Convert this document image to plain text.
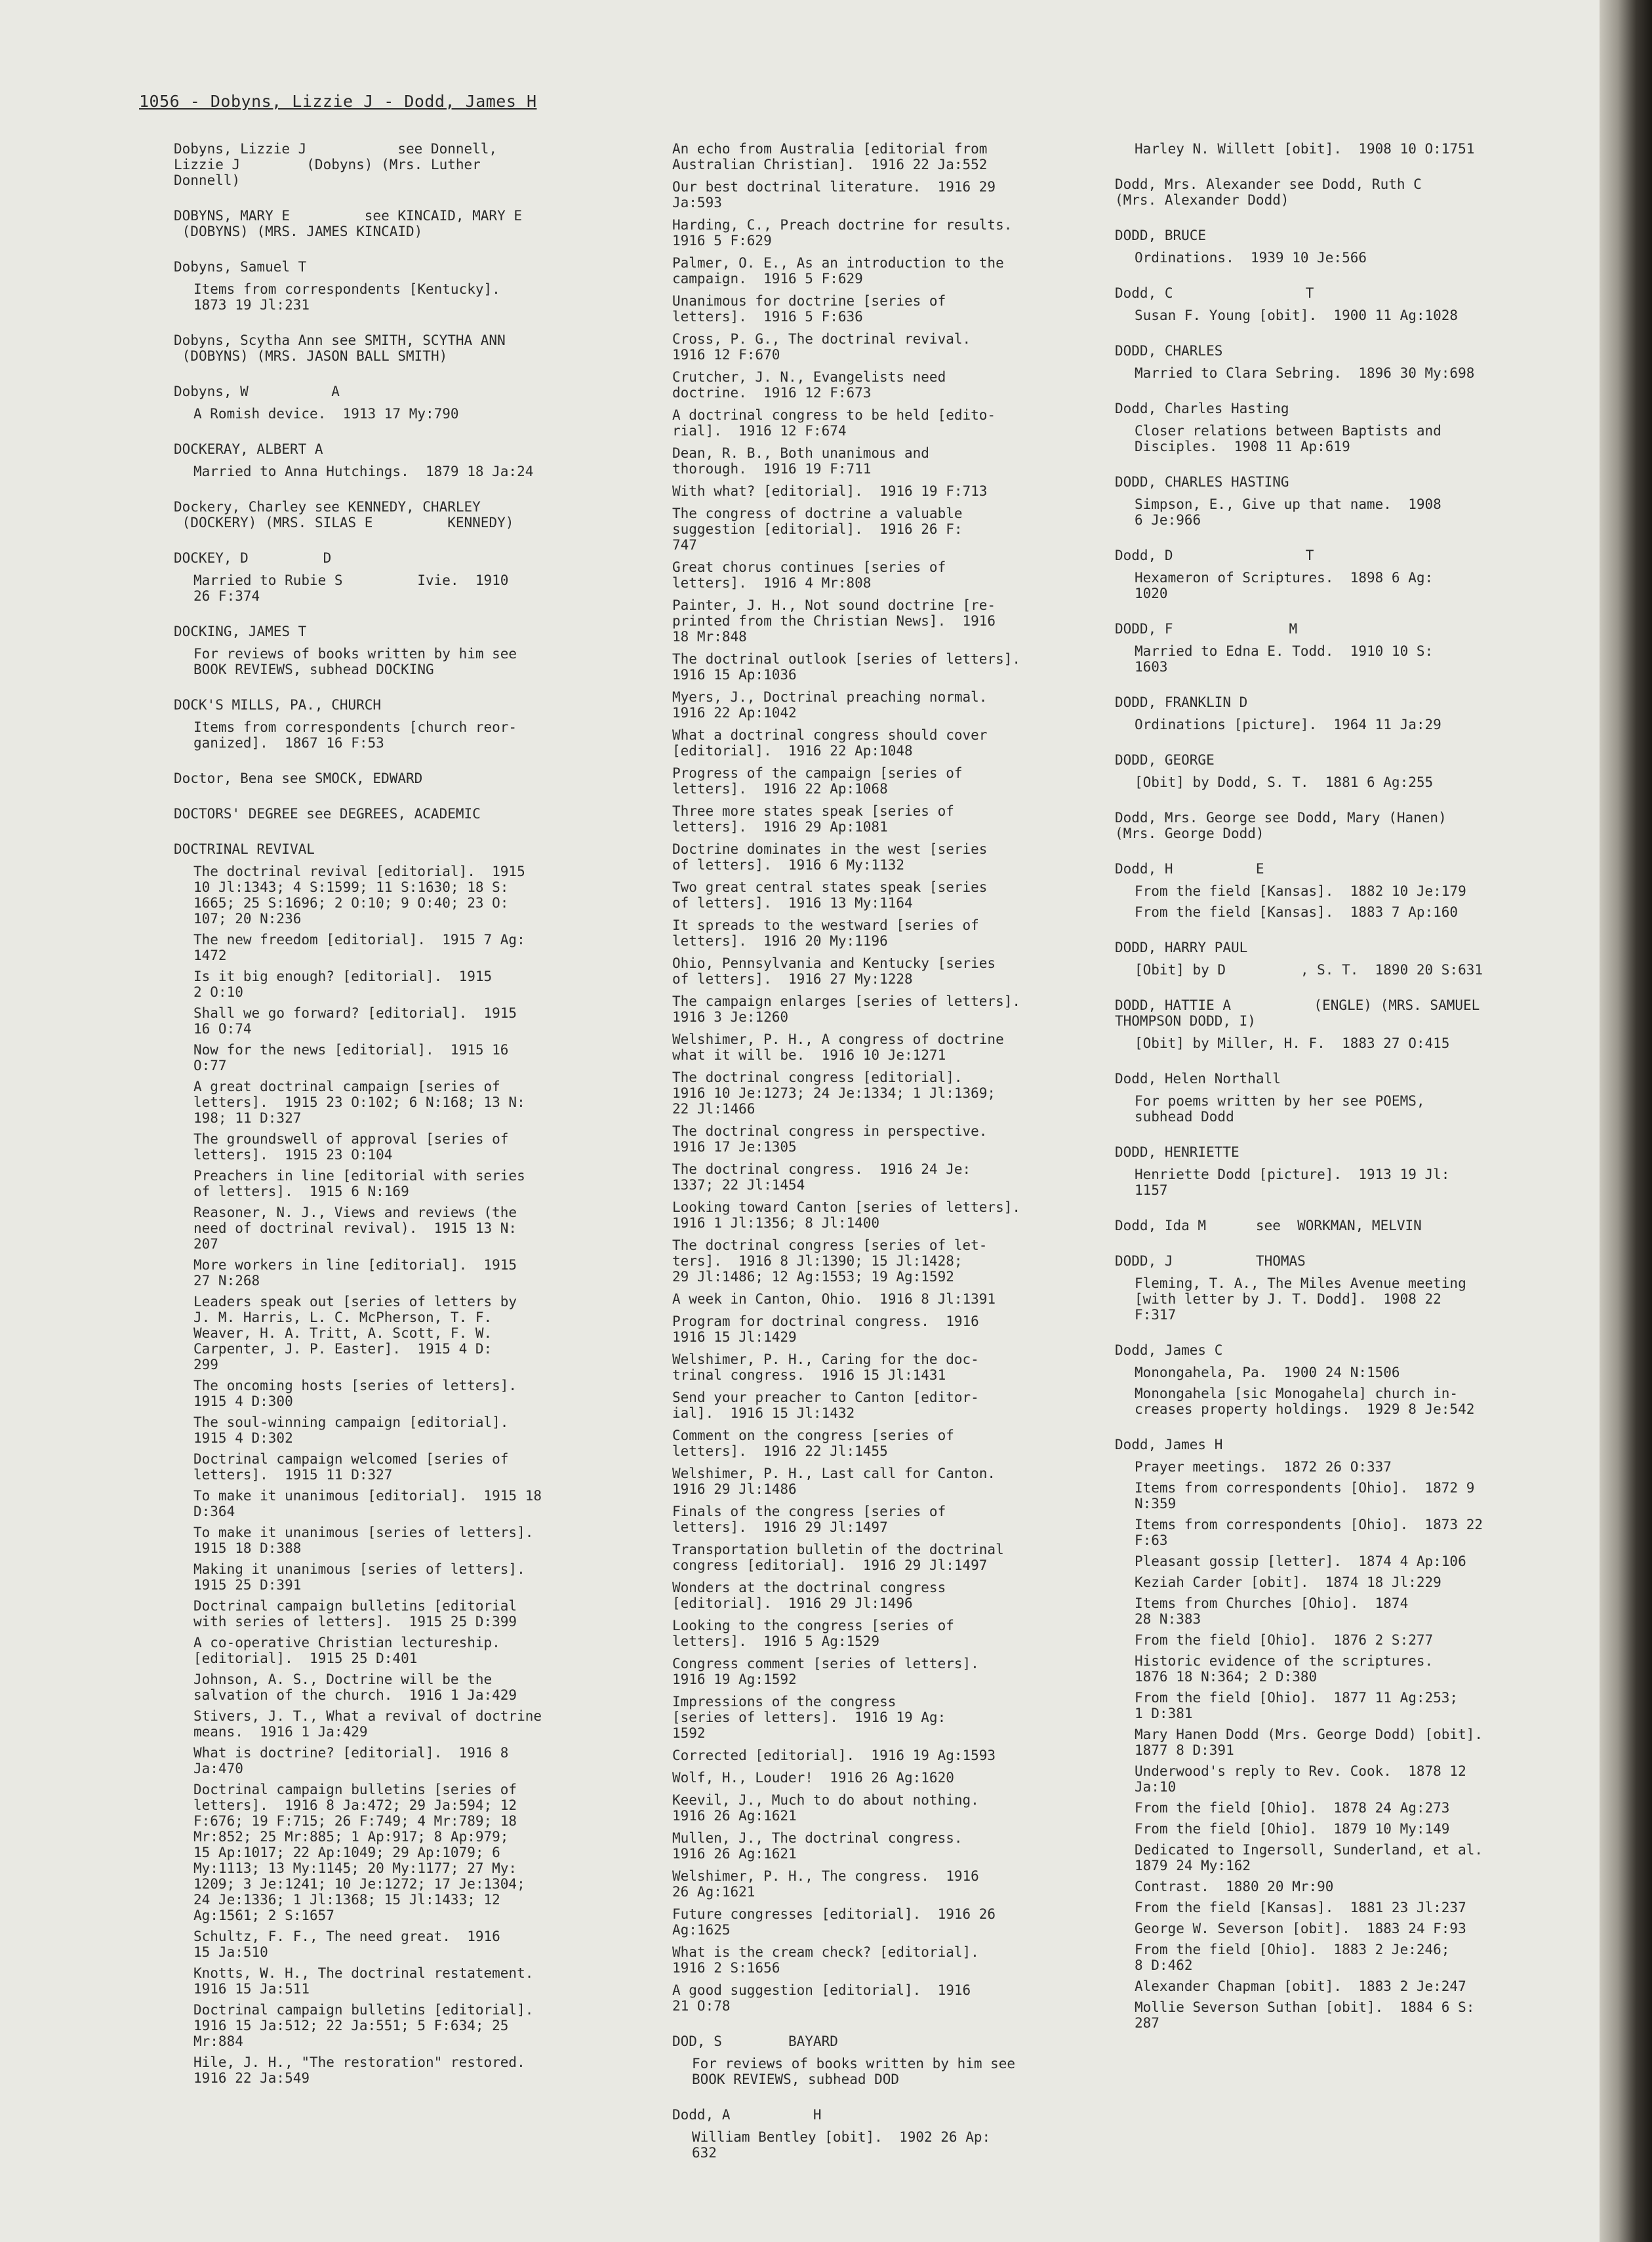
1056 - Dobyns, Lizzie J - Dodd, James H
Dobyns, Lizzie J           see Donnell,
Lizzie J        (Dobyns) (Mrs. Luther
Donnell)
DOBYNS, MARY E         see KINCAID, MARY E
(DOBYNS) (MRS. JAMES KINCAID)
Dobyns, Samuel T
Items from correspondents [Kentucky].
1873 19 Jl:231
Dobyns, Scytha Ann see SMITH, SCYTHA ANN
(DOBYNS) (MRS. JASON BALL SMITH)
Dobyns, W          A
A Romish device.  1913 17 My:790
DOCKERAY, ALBERT A
Married to Anna Hutchings.  1879 18 Ja:24
Dockery, Charley see KENNEDY, CHARLEY
(DOCKERY) (MRS. SILAS E         KENNEDY)
DOCKEY, D         D
Married to Rubie S         Ivie.  1910
26 F:374
DOCKING, JAMES T
For reviews of books written by him see
BOOK REVIEWS, subhead DOCKING
DOCK'S MILLS, PA., CHURCH
Items from correspondents [church reor-
ganized].  1867 16 F:53
Doctor, Bena see SMOCK, EDWARD
DOCTORS' DEGREE see DEGREES, ACADEMIC
DOCTRINAL REVIVAL
The doctrinal revival [editorial].  1915
10 Jl:1343; 4 S:1599; 11 S:1630; 18 S:
1665; 25 S:1696; 2 O:10; 9 O:40; 23 O:
107; 20 N:236
The new freedom [editorial].  1915 7 Ag:
1472
Is it big enough? [editorial].  1915
2 O:10
Shall we go forward? [editorial].  1915
16 O:74
Now for the news [editorial].  1915 16
O:77
A great doctrinal campaign [series of
letters].  1915 23 O:102; 6 N:168; 13 N:
198; 11 D:327
The groundswell of approval [series of
letters].  1915 23 O:104
Preachers in line [editorial with series
of letters].  1915 6 N:169
Reasoner, N. J., Views and reviews (the
need of doctrinal revival).  1915 13 N:
207
More workers in line [editorial].  1915
27 N:268
Leaders speak out [series of letters by
J. M. Harris, L. C. McPherson, T. F.
Weaver, H. A. Tritt, A. Scott, F. W.
Carpenter, J. P. Easter].  1915 4 D:
299
The oncoming hosts [series of letters].
1915 4 D:300
The soul-winning campaign [editorial].
1915 4 D:302
Doctrinal campaign welcomed [series of
letters].  1915 11 D:327
To make it unanimous [editorial].  1915 18
D:364
To make it unanimous [series of letters].
1915 18 D:388
Making it unanimous [series of letters].
1915 25 D:391
Doctrinal campaign bulletins [editorial
with series of letters].  1915 25 D:399
A co-operative Christian lectureship.
[editorial].  1915 25 D:401
Johnson, A. S., Doctrine will be the
salvation of the church.  1916 1 Ja:429
Stivers, J. T., What a revival of doctrine
means.  1916 1 Ja:429
What is doctrine? [editorial].  1916 8
Ja:470
Doctrinal campaign bulletins [series of
letters].  1916 8 Ja:472; 29 Ja:594; 12
F:676; 19 F:715; 26 F:749; 4 Mr:789; 18
Mr:852; 25 Mr:885; 1 Ap:917; 8 Ap:979;
15 Ap:1017; 22 Ap:1049; 29 Ap:1079; 6
My:1113; 13 My:1145; 20 My:1177; 27 My:
1209; 3 Je:1241; 10 Je:1272; 17 Je:1304;
24 Je:1336; 1 Jl:1368; 15 Jl:1433; 12
Ag:1561; 2 S:1657
Schultz, F. F., The need great.  1916
15 Ja:510
Knotts, W. H., The doctrinal restatement.
1916 15 Ja:511
Doctrinal campaign bulletins [editorial].
1916 15 Ja:512; 22 Ja:551; 5 F:634; 25
Mr:884
Hile, J. H., "The restoration" restored.
1916 22 Ja:549
An echo from Australia [editorial from
Australian Christian].  1916 22 Ja:552
Our best doctrinal literature.  1916 29
Ja:593
Harding, C., Preach doctrine for results.
1916 5 F:629
Palmer, O. E., As an introduction to the
campaign.  1916 5 F:629
Unanimous for doctrine [series of
letters].  1916 5 F:636
Cross, P. G., The doctrinal revival.
1916 12 F:670
Crutcher, J. N., Evangelists need
doctrine.  1916 12 F:673
A doctrinal congress to be held [edito-
rial].  1916 12 F:674
Dean, R. B., Both unanimous and
thorough.  1916 19 F:711
With what? [editorial].  1916 19 F:713
The congress of doctrine a valuable
suggestion [editorial].  1916 26 F:
747
Great chorus continues [series of
letters].  1916 4 Mr:808
Painter, J. H., Not sound doctrine [re-
printed from the Christian News].  1916
18 Mr:848
The doctrinal outlook [series of letters].
1916 15 Ap:1036
Myers, J., Doctrinal preaching normal.
1916 22 Ap:1042
What a doctrinal congress should cover
[editorial].  1916 22 Ap:1048
Progress of the campaign [series of
letters].  1916 22 Ap:1068
Three more states speak [series of
letters].  1916 29 Ap:1081
Doctrine dominates in the west [series
of letters].  1916 6 My:1132
Two great central states speak [series
of letters].  1916 13 My:1164
It spreads to the westward [series of
letters].  1916 20 My:1196
Ohio, Pennsylvania and Kentucky [series
of letters].  1916 27 My:1228
The campaign enlarges [series of letters].
1916 3 Je:1260
Welshimer, P. H., A congress of doctrine
what it will be.  1916 10 Je:1271
The doctrinal congress [editorial].
1916 10 Je:1273; 24 Je:1334; 1 Jl:1369;
22 Jl:1466
The doctrinal congress in perspective.
1916 17 Je:1305
The doctrinal congress.  1916 24 Je:
1337; 22 Jl:1454
Looking toward Canton [series of letters].
1916 1 Jl:1356; 8 Jl:1400
The doctrinal congress [series of let-
ters].  1916 8 Jl:1390; 15 Jl:1428;
29 Jl:1486; 12 Ag:1553; 19 Ag:1592
A week in Canton, Ohio.  1916 8 Jl:1391
Program for doctrinal congress.  1916
1916 15 Jl:1429
Welshimer, P. H., Caring for the doc-
trinal congress.  1916 15 Jl:1431
Send your preacher to Canton [editor-
ial].  1916 15 Jl:1432
Comment on the congress [series of
letters].  1916 22 Jl:1455
Welshimer, P. H., Last call for Canton.
1916 29 Jl:1486
Finals of the congress [series of
letters].  1916 29 Jl:1497
Transportation bulletin of the doctrinal
congress [editorial].  1916 29 Jl:1497
Wonders at the doctrinal congress
[editorial].  1916 29 Jl:1496
Looking to the congress [series of
letters].  1916 5 Ag:1529
Congress comment [series of letters].
1916 19 Ag:1592
Impressions of the congress
[series of letters].  1916 19 Ag:
1592
Corrected [editorial].  1916 19 Ag:1593
Wolf, H., Louder!  1916 26 Ag:1620
Keevil, J., Much to do about nothing.
1916 26 Ag:1621
Mullen, J., The doctrinal congress.
1916 26 Ag:1621
Welshimer, P. H., The congress.  1916
26 Ag:1621
Future congresses [editorial].  1916 26
Ag:1625
What is the cream check? [editorial].
1916 2 S:1656
A good suggestion [editorial].  1916
21 O:78
DOD, S        BAYARD
For reviews of books written by him see
BOOK REVIEWS, subhead DOD
Dodd, A          H
William Bentley [obit].  1902 26 Ap:
632
Harley N. Willett [obit].  1908 10 O:1751
Dodd, Mrs. Alexander see Dodd, Ruth C
(Mrs. Alexander Dodd)
DODD, BRUCE
Ordinations.  1939 10 Je:566
Dodd, C                T
Susan F. Young [obit].  1900 11 Ag:1028
DODD, CHARLES
Married to Clara Sebring.  1896 30 My:698
Dodd, Charles Hasting
Closer relations between Baptists and
Disciples.  1908 11 Ap:619
DODD, CHARLES HASTING
Simpson, E., Give up that name.  1908
6 Je:966
Dodd, D                T
Hexameron of Scriptures.  1898 6 Ag:
1020
DODD, F              M
Married to Edna E. Todd.  1910 10 S:
1603
DODD, FRANKLIN D
Ordinations [picture].  1964 11 Ja:29
DODD, GEORGE
[Obit] by Dodd, S. T.  1881 6 Ag:255
Dodd, Mrs. George see Dodd, Mary (Hanen)
(Mrs. George Dodd)
Dodd, H          E
From the field [Kansas].  1882 10 Je:179
From the field [Kansas].  1883 7 Ap:160
DODD, HARRY PAUL
[Obit] by D         , S. T.  1890 20 S:631
DODD, HATTIE A          (ENGLE) (MRS. SAMUEL
THOMPSON DODD, I)
[Obit] by Miller, H. F.  1883 27 O:415
Dodd, Helen Northall
For poems written by her see POEMS,
subhead Dodd
DODD, HENRIETTE
Henriette Dodd [picture].  1913 19 Jl:
1157
Dodd, Ida M      see  WORKMAN, MELVIN
DODD, J          THOMAS
Fleming, T. A., The Miles Avenue meeting
[with letter by J. T. Dodd].  1908 22
F:317
Dodd, James C
Monongahela, Pa.  1900 24 N:1506
Monongahela [sic Monogahela] church in-
creases property holdings.  1929 8 Je:542
Dodd, James H
Prayer meetings.  1872 26 O:337
Items from correspondents [Ohio].  1872 9
N:359
Items from correspondents [Ohio].  1873 22
F:63
Pleasant gossip [letter].  1874 4 Ap:106
Keziah Carder [obit].  1874 18 Jl:229
Items from Churches [Ohio].  1874
28 N:383
From the field [Ohio].  1876 2 S:277
Historic evidence of the scriptures.
1876 18 N:364; 2 D:380
From the field [Ohio].  1877 11 Ag:253;
1 D:381
Mary Hanen Dodd (Mrs. George Dodd) [obit].
1877 8 D:391
Underwood's reply to Rev. Cook.  1878 12
Ja:10
From the field [Ohio].  1878 24 Ag:273
From the field [Ohio].  1879 10 My:149
Dedicated to Ingersoll, Sunderland, et al.
1879 24 My:162
Contrast.  1880 20 Mr:90
From the field [Kansas].  1881 23 Jl:237
George W. Severson [obit].  1883 24 F:93
From the field [Ohio].  1883 2 Je:246;
8 D:462
Alexander Chapman [obit].  1883 2 Je:247
Mollie Severson Suthan [obit].  1884 6 S:
287
